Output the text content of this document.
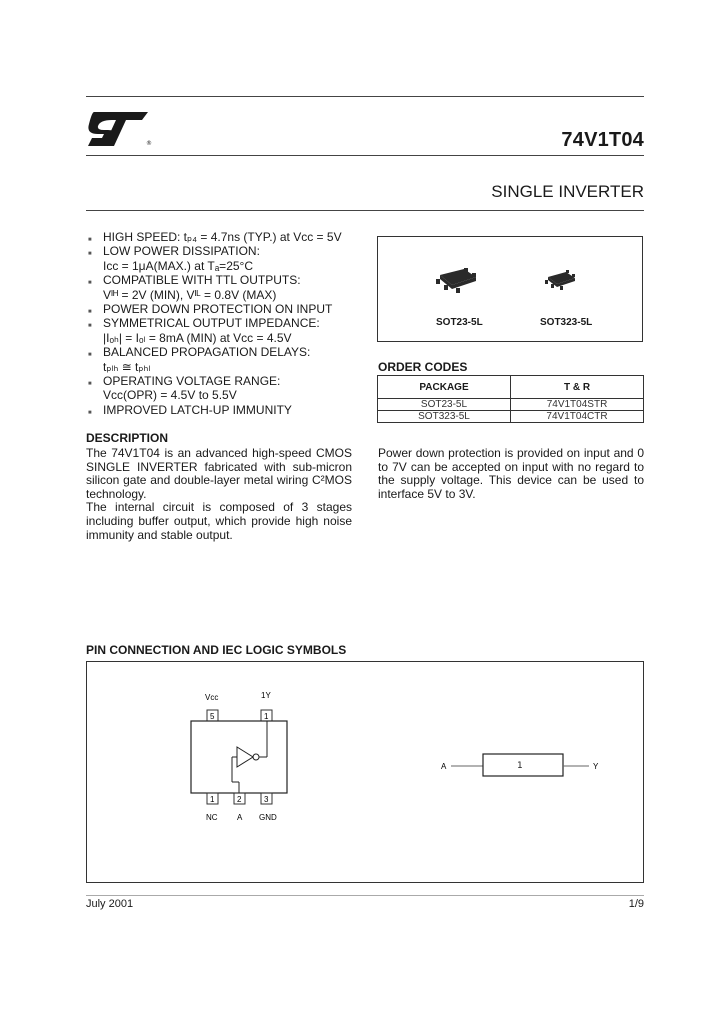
®	74V1T04
SINGLE INVERTER
■ HIGH SPEED: tₚ₄ = 4.7ns (TYP.) at Vᴄᴄ = 5V
■ LOW POWER DISSIPATION:
Iᴄᴄ = 1μA(MAX.) at Tₐ=25°C
■ COMPATIBLE WITH TTL OUTPUTS:
Vᴵᴴ = 2V (MIN), Vᴵᴸ = 0.8V (MAX)
■ POWER DOWN PROTECTION ON INPUT
■ SYMMETRICAL OUTPUT IMPEDANCE:
|Iₒₕ| = Iₒₗ = 8mA (MIN) at Vᴄᴄ = 4.5V
■ BALANCED PROPAGATION DELAYS:
tₚₗₕ ≅ tₚₕₗ
■ OPERATING VOLTAGE RANGE:
Vᴄᴄ(OPR) = 4.5V to 5.5V
■ IMPROVED LATCH-UP IMMUNITY
SOT23-5L	SOT323-5L
ORDER CODES
PACKAGE	T & R
SOT23-5L	74V1T04STR
SOT323-5L	74V1T04CTR
DESCRIPTION

The 74V1T04 is an advanced high-speed CMOS SINGLE INVERTER fabricated with sub-micron silicon gate and double-layer metal wiring C²MOS technology.

The internal circuit is composed of 3 stages including buffer output, which provide high noise immunity and stable output.

Power down protection is provided on input and 0 to 7V can be accepted on input with no regard to the supply voltage. This device can be used to interface 5V to 3V.
PIN CONNECTION AND IEC LOGIC SYMBOLS
Vcc	1Y
5	1
1	2	3
NC A GND
A	1	Y
July 2001	1/9
